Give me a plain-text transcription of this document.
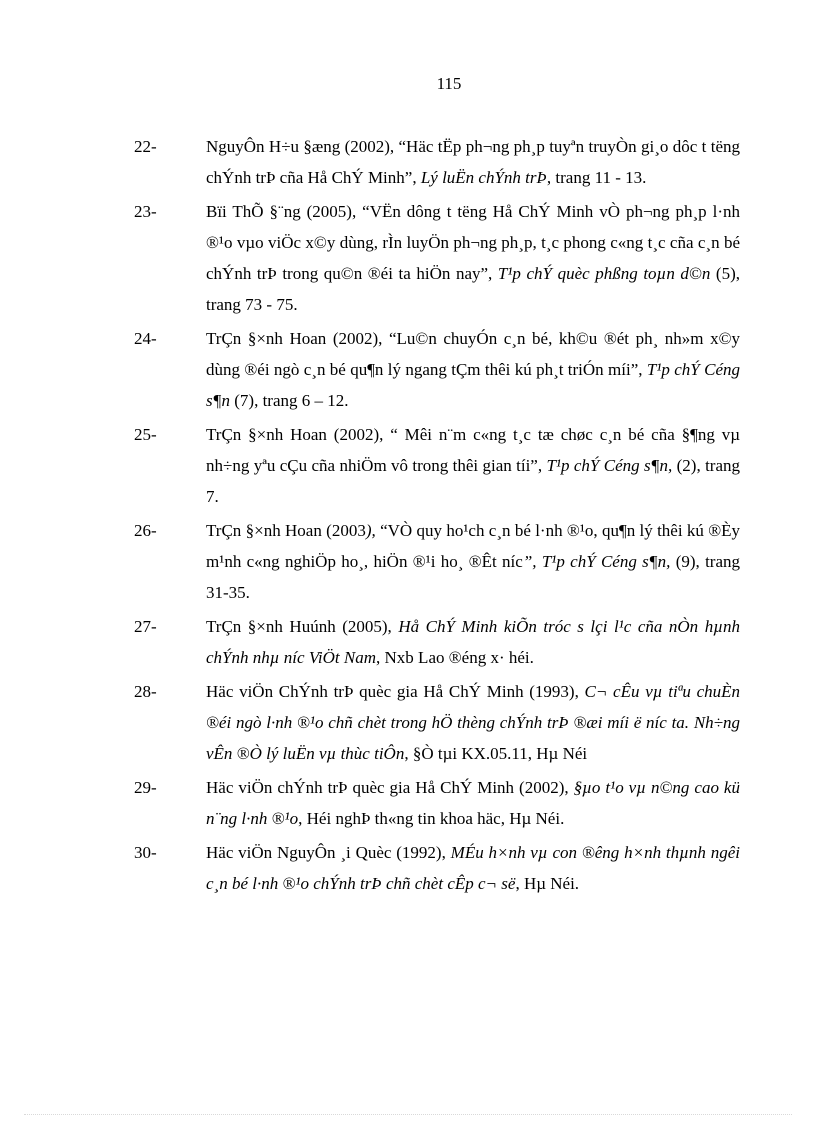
115
22-	NguyÔn H÷u §æng (2002), “Häc tËp ph¬ng ph¸p tuyªn truyÒn gi¸o dôc t tëng chÝnh trÞ cña Hå ChÝ Minh”, Lý luËn chÝnh trÞ, trang 11 - 13.
23-	Bïi ThÕ §¨ng (2005), “VËn dông t tëng Hå ChÝ Minh vÒ ph¬ng ph¸p l·nh ®¹o vµo viÖc x©y dùng, rÌn luyÖn ph¬ng ph¸p, t¸c phong c«ng t¸c cña c¸n bé chÝnh trÞ trong qu©n ®éi ta hiÖn nay”, T¹p chÝ quèc phßng toµn d©n (5), trang 73 - 75.
24-	TrÇn §×nh Hoan (2002), “Lu©n chuyÓn c¸n bé, kh©u ®ét ph¸ nh»m x©y dùng ®éi ngò c¸n bé qu¶n lý ngang tÇm thêi kú ph¸t triÓn míi”, T¹p chÝ Céng s¶n (7), trang 6 – 12.
25-	TrÇn §×nh Hoan (2002), “ Mêi n¨m c«ng t¸c tæ chøc c¸n bé cña §¶ng vµ nh÷ng yªu cÇu cña nhiÖm vô trong thêi gian tíi”, T¹p chÝ Céng s¶n, (2), trang 7.
26-	TrÇn §×nh Hoan (2003), “VÒ quy ho¹ch c¸n bé l·nh ®¹o, qu¶n lý thêi kú ®Èy m¹nh c«ng nghiÖp ho¸, hiÖn ®¹i ho¸ ®Êt níc”, T¹p chÝ Céng s¶n, (9), trang 31-35.
27-	TrÇn §×nh Huúnh (2005), Hå ChÝ Minh kiÕn tróc s lçi l¹c cña nÒn hµnh chÝnh nhµ níc ViÖt Nam, Nxb Lao ®éng x· héi.
28-	Häc viÖn ChÝnh trÞ quèc gia Hå ChÝ Minh (1993), C¬ cÊu vµ tiªu chuÈn ®éi ngò l·nh ®¹o chñ chèt trong hÖ thèng chÝnh trÞ ®æi míi ë níc ta. Nh÷ng vÊn ®Ò lý luËn vµ thùc tiÔn, §Ò tµi KX.05.11, Hµ Néi
29-	Häc viÖn chÝnh trÞ quèc gia Hå ChÝ Minh (2002), §µo t¹o vµ n©ng cao kü n¨ng l·nh ®¹o, Héi nghÞ th«ng tin khoa häc, Hµ Néi.
30-	Häc viÖn NguyÔn ¸i Quèc (1992), MÉu h×nh vµ con ®êng h×nh thµnh ngêi c¸n bé l·nh ®¹o chÝnh trÞ chñ chèt cÊp c¬ së, Hµ Néi.
